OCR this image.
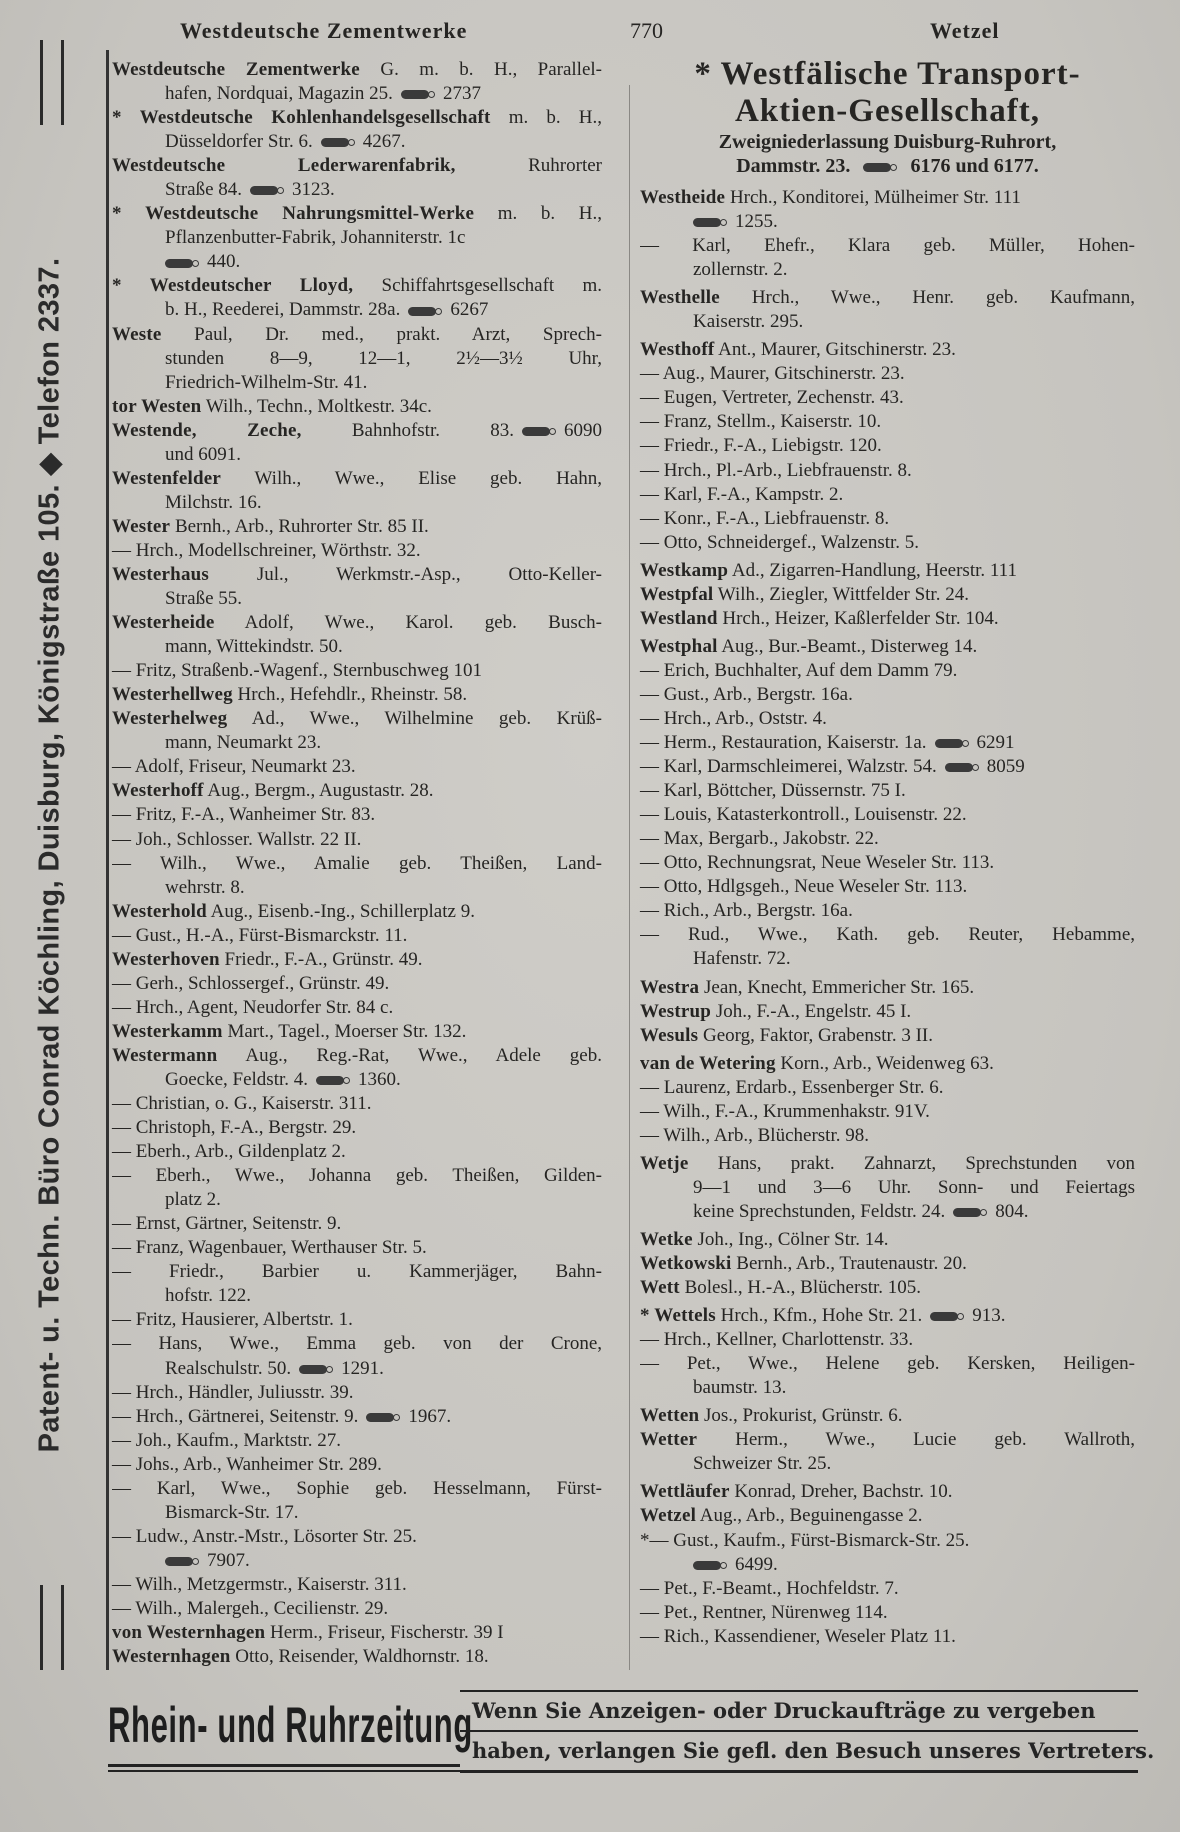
Patent- u. Techn. Büro Conrad Köchling, Duisburg, Königstraße 105. ◆ Telefon 2337.
Westdeutsche Zementwerke	770	Wetzel
Westdeutsche Zementwerke G. m. b. H., Parallel-
hafen, Nordquai, Magazin 25.	2737
* Westdeutsche Kohlenhandelsgesellschaft m. b. H.,
Düsseldorfer Str. 6.	4267.
Westdeutsche Lederwarenfabrik, Ruhrorter
Straße 84.	3123.
* Westdeutsche Nahrungsmittel-Werke m. b. H.,
Pflanzenbutter-Fabrik, Johanniterstr. 1c
440.
* Westdeutscher Lloyd, Schiffahrtsgesellschaft m.
b. H., Reederei, Dammstr. 28a.	6267
Weste Paul, Dr. med., prakt. Arzt, Sprech-
stunden 8—9, 12—1, 2½—3½ Uhr,
Friedrich-Wilhelm-Str. 41.
tor Westen Wilh., Techn., Moltkestr. 34c.
Westende, Zeche, Bahnhofstr. 83.	6090
und 6091.
Westenfelder Wilh., Wwe., Elise geb. Hahn,
Milchstr. 16.
Wester Bernh., Arb., Ruhrorter Str. 85 II.
— Hrch., Modellschreiner, Wörthstr. 32.
Westerhaus Jul., Werkmstr.-Asp., Otto-Keller-
Straße 55.
Westerheide Adolf, Wwe., Karol. geb. Busch-
mann, Wittekindstr. 50.
— Fritz, Straßenb.-Wagenf., Sternbuschweg 101
Westerhellweg Hrch., Hefehdlr., Rheinstr. 58.
Westerhelweg Ad., Wwe., Wilhelmine geb. Krüß-
mann, Neumarkt 23.
— Adolf, Friseur, Neumarkt 23.
Westerhoff Aug., Bergm., Augustastr. 28.
— Fritz, F.-A., Wanheimer Str. 83.
— Joh., Schlosser. Wallstr. 22 II.
— Wilh., Wwe., Amalie geb. Theißen, Land-
wehrstr. 8.
Westerhold Aug., Eisenb.-Ing., Schillerplatz 9.
— Gust., H.-A., Fürst-Bismarckstr. 11.
Westerhoven Friedr., F.-A., Grünstr. 49.
— Gerh., Schlossergef., Grünstr. 49.
— Hrch., Agent, Neudorfer Str. 84 c.
Westerkamm Mart., Tagel., Moerser Str. 132.
Westermann Aug., Reg.-Rat, Wwe., Adele geb.
Goecke, Feldstr. 4.	1360.
— Christian, o. G., Kaiserstr. 311.
— Christoph, F.-A., Bergstr. 29.
— Eberh., Arb., Gildenplatz 2.
— Eberh., Wwe., Johanna geb. Theißen, Gilden-
platz 2.
— Ernst, Gärtner, Seitenstr. 9.
— Franz, Wagenbauer, Werthauser Str. 5.
— Friedr., Barbier u. Kammerjäger, Bahn-
hofstr. 122.
— Fritz, Hausierer, Albertstr. 1.
— Hans, Wwe., Emma geb. von der Crone,
Realschulstr. 50.	1291.
— Hrch., Händler, Juliusstr. 39.
— Hrch., Gärtnerei, Seitenstr. 9.	1967.
— Joh., Kaufm., Marktstr. 27.
— Johs., Arb., Wanheimer Str. 289.
— Karl, Wwe., Sophie geb. Hesselmann, Fürst-
Bismarck-Str. 17.
— Ludw., Anstr.-Mstr., Lösorter Str. 25.
7907.
— Wilh., Metzgermstr., Kaiserstr. 311.
— Wilh., Malergeh., Cecilienstr. 29.
von Westernhagen Herm., Friseur, Fischerstr. 39 I
Westernhagen Otto, Reisender, Waldhornstr. 18.
* Westfälische Transport-
Aktien-Gesellschaft,
Zweigniederlassung Duisburg-Ruhrort,
Dammstr. 23.	6176 und 6177.
Westheide Hrch., Konditorei, Mülheimer Str. 111
1255.
— Karl, Ehefr., Klara geb. Müller, Hohen-
zollernstr. 2.
Westhelle Hrch., Wwe., Henr. geb. Kaufmann,
Kaiserstr. 295.
Westhoff Ant., Maurer, Gitschinerstr. 23.
— Aug., Maurer, Gitschinerstr. 23.
— Eugen, Vertreter, Zechenstr. 43.
— Franz, Stellm., Kaiserstr. 10.
— Friedr., F.-A., Liebigstr. 120.
— Hrch., Pl.-Arb., Liebfrauenstr. 8.
— Karl, F.-A., Kampstr. 2.
— Konr., F.-A., Liebfrauenstr. 8.
— Otto, Schneidergef., Walzenstr. 5.
Westkamp Ad., Zigarren-Handlung, Heerstr. 111
Westpfal Wilh., Ziegler, Wittfelder Str. 24.
Westland Hrch., Heizer, Kaßlerfelder Str. 104.
Westphal Aug., Bur.-Beamt., Disterweg 14.
— Erich, Buchhalter, Auf dem Damm 79.
— Gust., Arb., Bergstr. 16a.
— Hrch., Arb., Oststr. 4.
— Herm., Restauration, Kaiserstr. 1a.	6291
— Karl, Darmschleimerei, Walzstr. 54.	8059
— Karl, Böttcher, Düssernstr. 75 I.
— Louis, Katasterkontroll., Louisenstr. 22.
— Max, Bergarb., Jakobstr. 22.
— Otto, Rechnungsrat, Neue Weseler Str. 113.
— Otto, Hdlgsgeh., Neue Weseler Str. 113.
— Rich., Arb., Bergstr. 16a.
— Rud., Wwe., Kath. geb. Reuter, Hebamme,
Hafenstr. 72.
Westra Jean, Knecht, Emmericher Str. 165.
Westrup Joh., F.-A., Engelstr. 45 I.
Wesuls Georg, Faktor, Grabenstr. 3 II.
van de Wetering Korn., Arb., Weidenweg 63.
— Laurenz, Erdarb., Essenberger Str. 6.
— Wilh., F.-A., Krummenhakstr. 91V.
— Wilh., Arb., Blücherstr. 98.
Wetje Hans, prakt. Zahnarzt, Sprechstunden von
9—1 und 3—6 Uhr. Sonn- und Feiertags
keine Sprechstunden, Feldstr. 24.	804.
Wetke Joh., Ing., Cölner Str. 14.
Wetkowski Bernh., Arb., Trautenaustr. 20.
Wett Bolesl., H.-A., Blücherstr. 105.
* Wettels Hrch., Kfm., Hohe Str. 21.	913.
— Hrch., Kellner, Charlottenstr. 33.
— Pet., Wwe., Helene geb. Kersken, Heiligen-
baumstr. 13.
Wetten Jos., Prokurist, Grünstr. 6.
Wetter Herm., Wwe., Lucie geb. Wallroth,
Schweizer Str. 25.
Wettläufer Konrad, Dreher, Bachstr. 10.
Wetzel Aug., Arb., Beguinengasse 2.
*— Gust., Kaufm., Fürst-Bismarck-Str. 25.
6499.
— Pet., F.-Beamt., Hochfeldstr. 7.
— Pet., Rentner, Nürenweg 114.
— Rich., Kassendiener, Weseler Platz 11.
Rhein- und Ruhrzeitung Wenn Sie Anzeigen- oder Druckaufträge zu vergeben
haben, verlangen Sie gefl. den Besuch unseres Vertreters.
